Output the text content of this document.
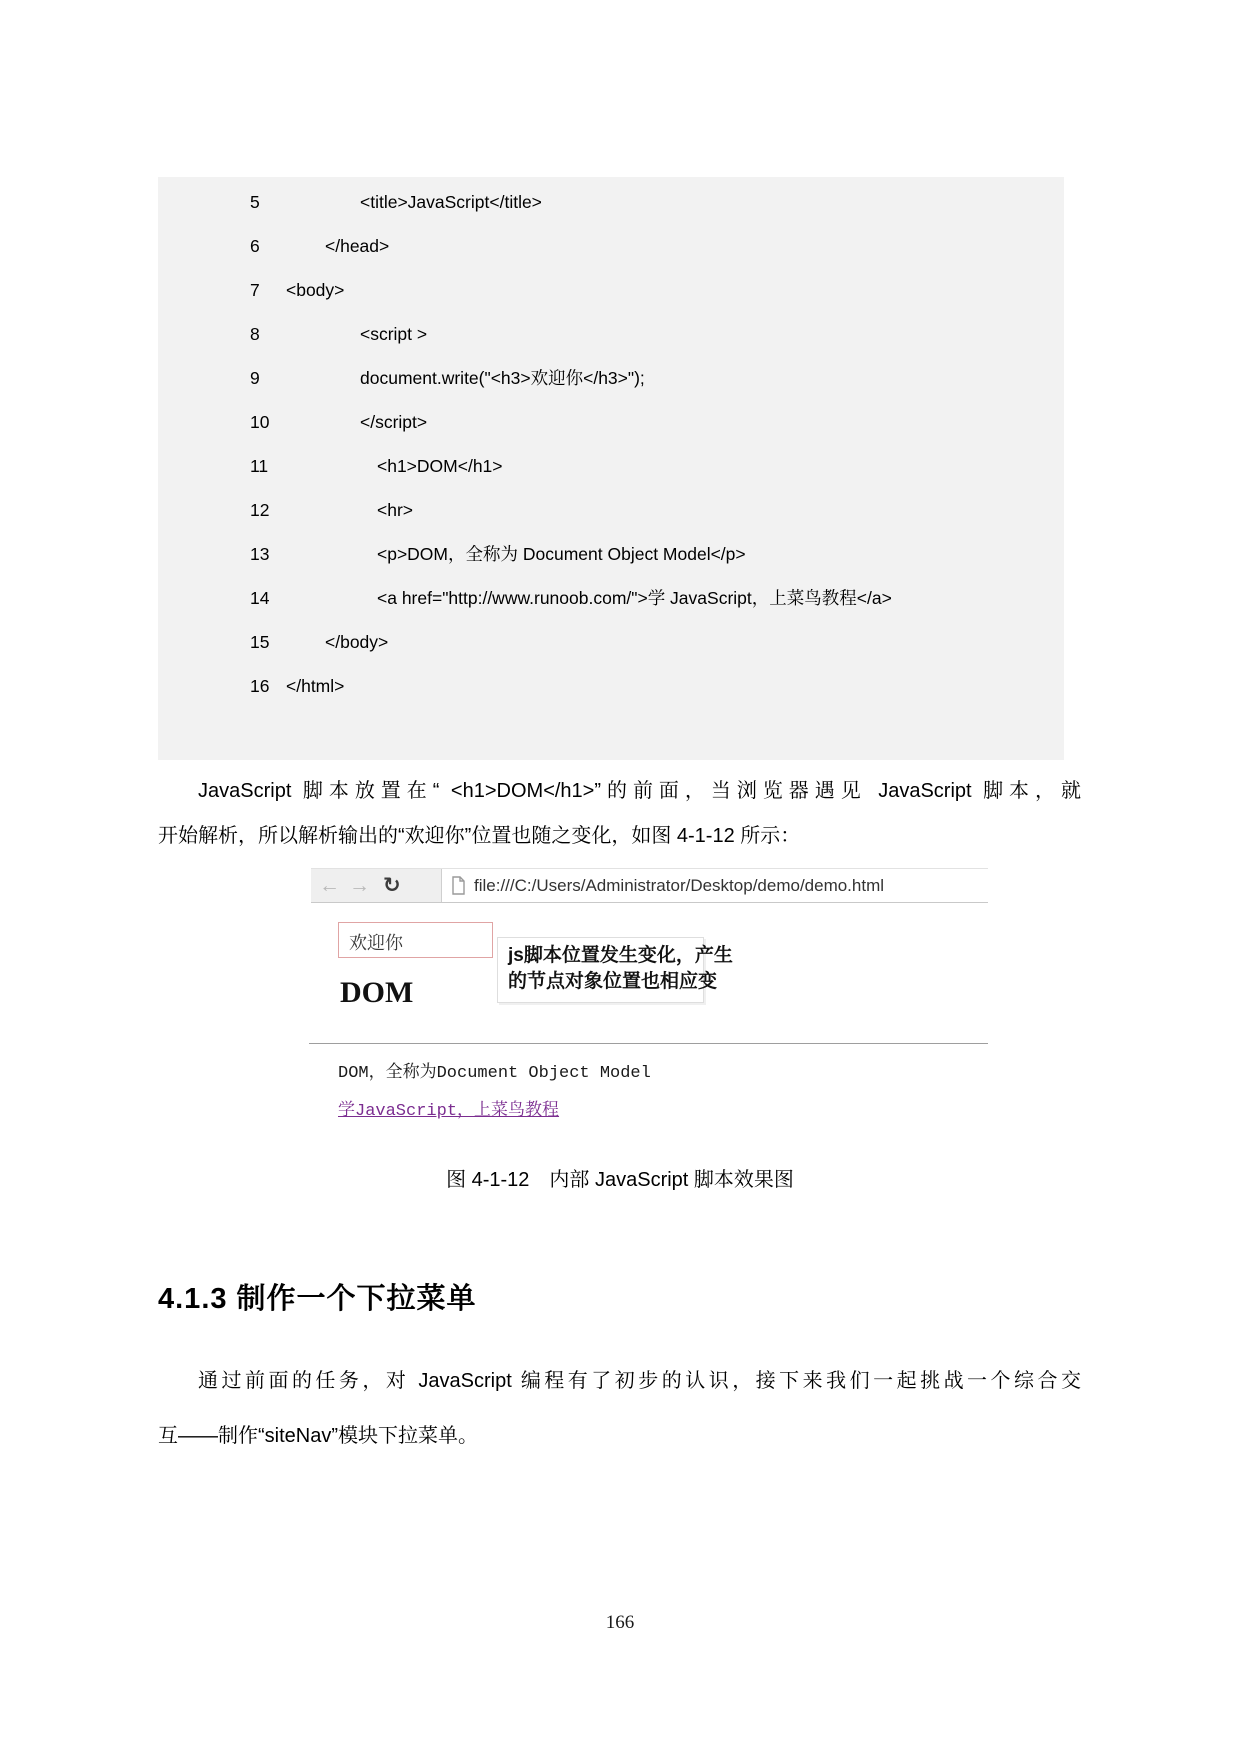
5	<title>JavaScript</title>
6	</head>
7 <body>
8	<script >
9	document.write("<h3>欢迎你</h3>");
10	</script>
11	<h1>DOM</h1>
12	<hr>
13	<p>DOM，全称为 Document Object Model</p>
14	<a href="http://www.runoob.com/">学 JavaScript，上菜鸟教程</a>
15	</body>
16 </html>
JavaScript 脚本放置在“ <h1>DOM</h1>”的前面，当浏览器遇见 JavaScript 脚本，就
开始解析，所以解析输出的“欢迎你”位置也随之变化，如图 4-1-12 所示：
← → ↻	file:///C:/Users/Administrator/Desktop/demo/demo.html
欢迎你
js脚本位置发生变化，产生
的节点对象位置也相应变
DOM
DOM，全称为Document Object Model
学JavaScript，上菜鸟教程
图 4-1-12　内部 JavaScript 脚本效果图
4.1.3 制作一个下拉菜单
通过前面的任务，对 JavaScript 编程有了初步的认识，接下来我们一起挑战一个综合交
互——制作“siteNav”模块下拉菜单。
166
